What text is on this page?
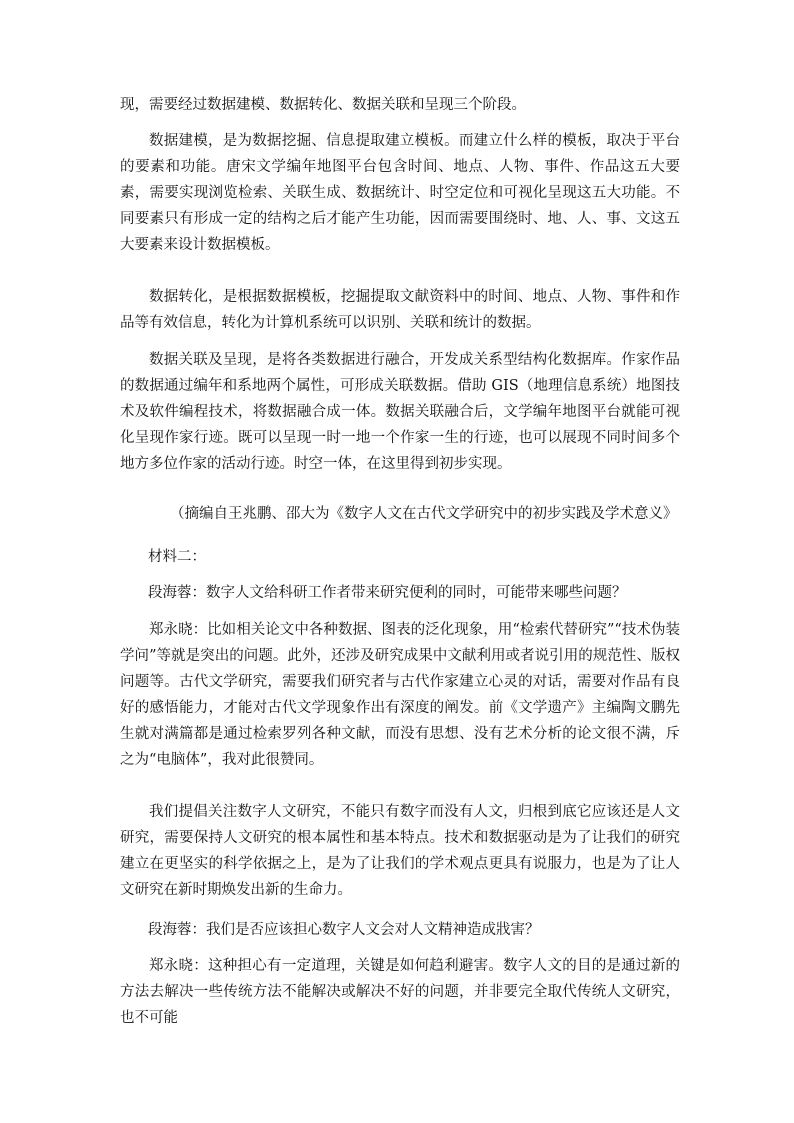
现，需要经过数据建模、数据转化、数据关联和呈现三个阶段。

数据建模，是为数据挖掘、信息提取建立模板。而建立什么样的模板，取决于平台的要素和功能。唐宋文学编年地图平台包含时间、地点、人物、事件、作品这五大要素，需要实现浏览检索、关联生成、数据统计、时空定位和可视化呈现这五大功能。不同要素只有形成一定的结构之后才能产生功能，因而需要围绕时、地、人、事、文这五大要素来设计数据模板。

数据转化，是根据数据模板，挖掘提取文献资料中的时间、地点、人物、事件和作品等有效信息，转化为计算机系统可以识别、关联和统计的数据。

数据关联及呈现，是将各类数据进行融合，开发成关系型结构化数据库。作家作品的数据通过编年和系地两个属性，可形成关联数据。借助 GIS（地理信息系统）地图技术及软件编程技术，将数据融合成一体。数据关联融合后，文学编年地图平台就能可视化呈现作家行迹。既可以呈现一时一地一个作家一生的行迹，也可以展现不同时间多个地方多位作家的活动行迹。时空一体，在这里得到初步实现。

（摘编自王兆鹏、邵大为《数字人文在古代文学研究中的初步实践及学术意义》

材料二：

段海蓉：数字人文给科研工作者带来研究便利的同时，可能带来哪些问题？

郑永晓：比如相关论文中各种数据、图表的泛化现象，用“检索代替研究”“技术伪装学问”等就是突出的问题。此外，还涉及研究成果中文献利用或者说引用的规范性、版权问题等。古代文学研究，需要我们研究者与古代作家建立心灵的对话，需要对作品有良好的感悟能力，才能对古代文学现象作出有深度的阐发。前《文学遗产》主编陶文鹏先生就对满篇都是通过检索罗列各种文献，而没有思想、没有艺术分析的论文很不满，斥之为“电脑体”，我对此很赞同。

我们提倡关注数字人文研究，不能只有数字而没有人文，归根到底它应该还是人文研究，需要保持人文研究的根本属性和基本特点。技术和数据驱动是为了让我们的研究建立在更坚实的科学依据之上，是为了让我们的学术观点更具有说服力，也是为了让人文研究在新时期焕发出新的生命力。

段海蓉：我们是否应该担心数字人文会对人文精神造成戕害？

郑永晓：这种担心有一定道理，关键是如何趋利避害。数字人文的目的是通过新的方法去解决一些传统方法不能解决或解决不好的问题，并非要完全取代传统人文研究，也不可能
